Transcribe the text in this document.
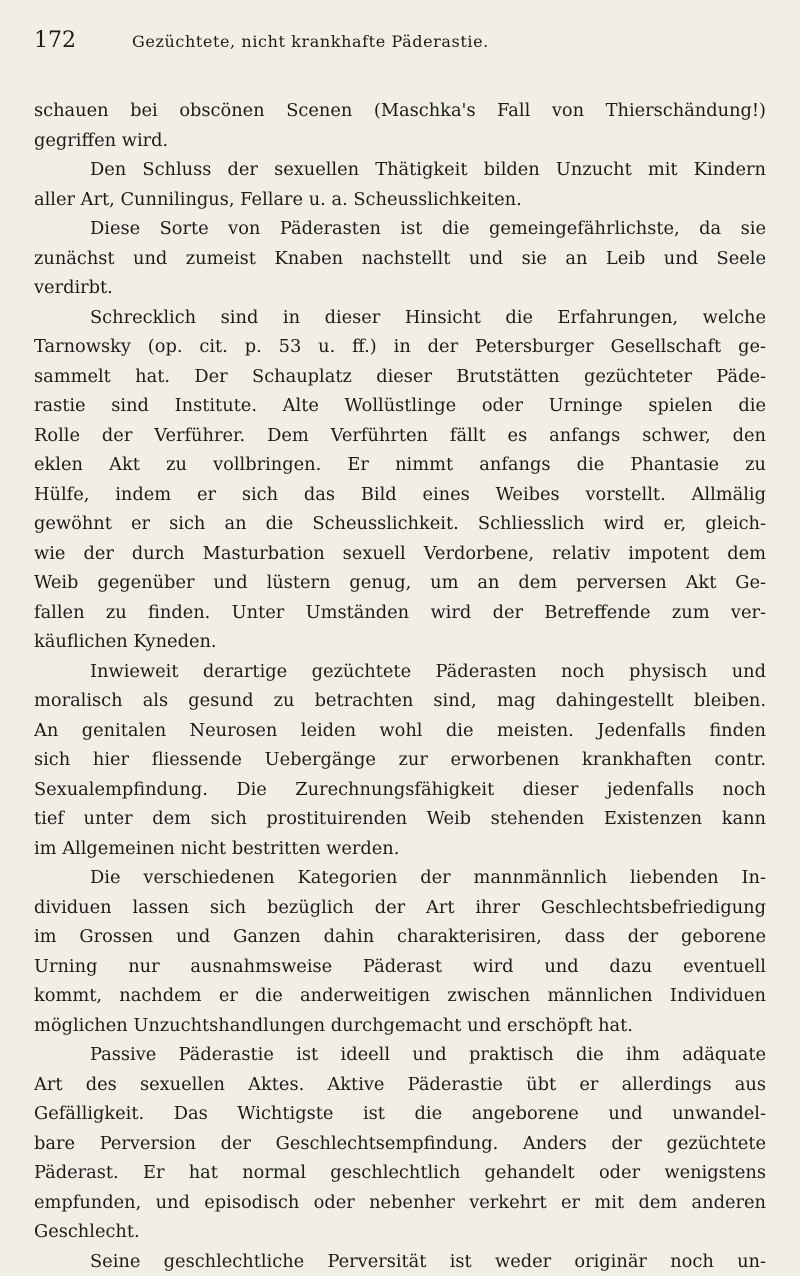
172	Gezüchtete, nicht krankhafte Päderastie.
schauen bei obscönen Scenen (Maschka's Fall von Thierschändung!)
gegriffen wird.
Den Schluss der sexuellen Thätigkeit bilden Unzucht mit Kindern
aller Art, Cunnilingus, Fellare u. a. Scheusslichkeiten.
Diese Sorte von Päderasten ist die gemeingefährlichste, da sie
zunächst und zumeist Knaben nachstellt und sie an Leib und Seele
verdirbt.
Schrecklich sind in dieser Hinsicht die Erfahrungen, welche
Tarnowsky (op. cit. p. 53 u. ff.) in der Petersburger Gesellschaft ge-
sammelt hat. Der Schauplatz dieser Brutstätten gezüchteter Päde-
rastie sind Institute. Alte Wollüstlinge oder Urninge spielen die
Rolle der Verführer. Dem Verführten fällt es anfangs schwer, den
eklen Akt zu vollbringen. Er nimmt anfangs die Phantasie zu
Hülfe, indem er sich das Bild eines Weibes vorstellt. Allmälig
gewöhnt er sich an die Scheusslichkeit. Schliesslich wird er, gleich-
wie der durch Masturbation sexuell Verdorbene, relativ impotent dem
Weib gegenüber und lüstern genug, um an dem perversen Akt Ge-
fallen zu finden. Unter Umständen wird der Betreffende zum ver-
käuflichen Kyneden.
Inwieweit derartige gezüchtete Päderasten noch physisch und
moralisch als gesund zu betrachten sind, mag dahingestellt bleiben.
An genitalen Neurosen leiden wohl die meisten. Jedenfalls finden
sich hier fliessende Uebergänge zur erworbenen krankhaften contr.
Sexualempfindung. Die Zurechnungsfähigkeit dieser jedenfalls noch
tief unter dem sich prostituirenden Weib stehenden Existenzen kann
im Allgemeinen nicht bestritten werden.
Die verschiedenen Kategorien der mannmännlich liebenden In-
dividuen lassen sich bezüglich der Art ihrer Geschlechtsbefriedigung
im Grossen und Ganzen dahin charakterisiren, dass der geborene
Urning nur ausnahmsweise Päderast wird und dazu eventuell
kommt, nachdem er die anderweitigen zwischen männlichen Individuen
möglichen Unzuchtshandlungen durchgemacht und erschöpft hat.
Passive Päderastie ist ideell und praktisch die ihm adäquate
Art des sexuellen Aktes. Aktive Päderastie übt er allerdings aus
Gefälligkeit. Das Wichtigste ist die angeborene und unwandel-
bare Perversion der Geschlechtsempfindung. Anders der gezüchtete
Päderast. Er hat normal geschlechtlich gehandelt oder wenigstens
empfunden, und episodisch oder nebenher verkehrt er mit dem anderen
Geschlecht.
Seine geschlechtliche Perversität ist weder originär noch un-
